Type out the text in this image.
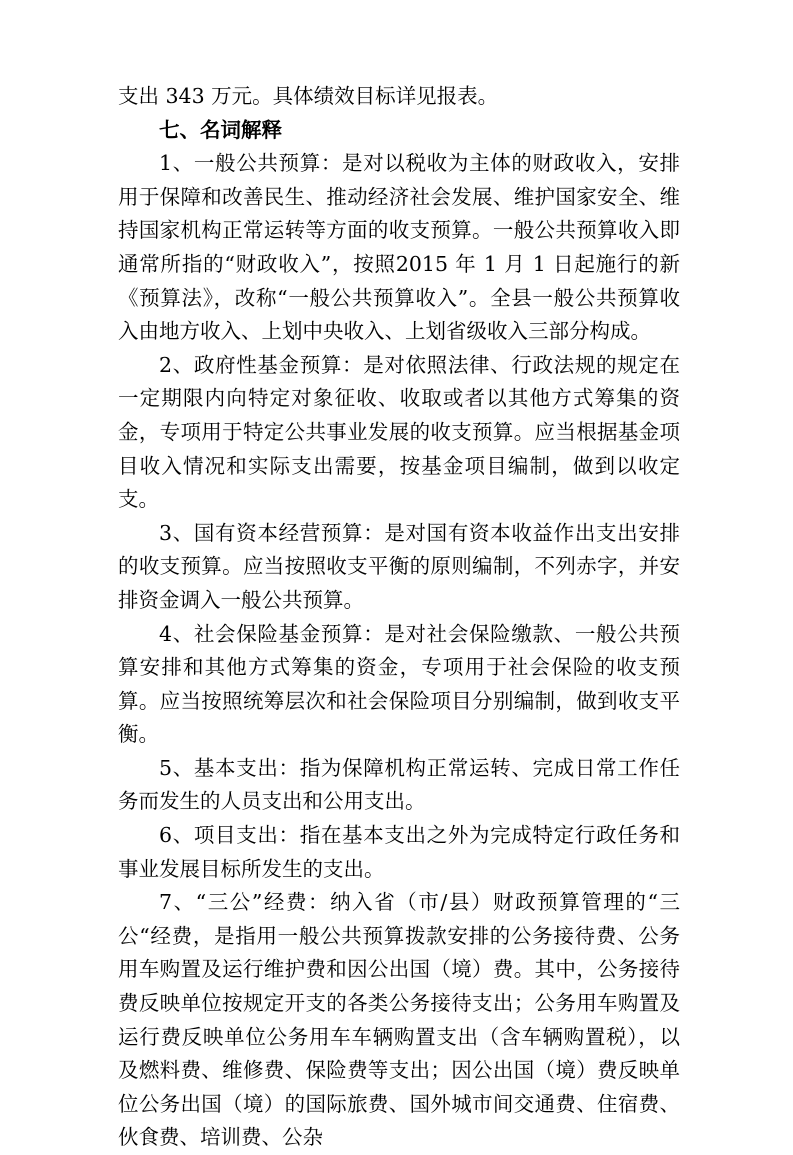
支出 343 万元。具体绩效目标详见报表。

七、名词解释

1、一般公共预算：是对以税收为主体的财政收入，安排用于保障和改善民生、推动经济社会发展、维护国家安全、维持国家机构正常运转等方面的收支预算。一般公共预算收入即通常所指的“财政收入”，按照2015 年 1 月 1 日起施行的新《预算法》，改称“一般公共预算收入”。全县一般公共预算收入由地方收入、上划中央收入、上划省级收入三部分构成。

2、政府性基金预算：是对依照法律、行政法规的规定在一定期限内向特定对象征收、收取或者以其他方式筹集的资金，专项用于特定公共事业发展的收支预算。应当根据基金项目收入情况和实际支出需要，按基金项目编制，做到以收定支。

3、国有资本经营预算：是对国有资本收益作出支出安排的收支预算。应当按照收支平衡的原则编制，不列赤字，并安排资金调入一般公共预算。

4、社会保险基金预算：是对社会保险缴款、一般公共预算安排和其他方式筹集的资金，专项用于社会保险的收支预算。应当按照统筹层次和社会保险项目分别编制，做到收支平衡。

5、基本支出：指为保障机构正常运转、完成日常工作任务而发生的人员支出和公用支出。

6、项目支出：指在基本支出之外为完成特定行政任务和事业发展目标所发生的支出。

7、“三公”经费：纳入省（市/县）财政预算管理的“三公“经费，是指用一般公共预算拨款安排的公务接待费、公务用车购置及运行维护费和因公出国（境）费。其中，公务接待费反映单位按规定开支的各类公务接待支出；公务用车购置及运行费反映单位公务用车车辆购置支出（含车辆购置税），以及燃料费、维修费、保险费等支出；因公出国（境）费反映单位公务出国（境）的国际旅费、国外城市间交通费、住宿费、伙食费、培训费、公杂
